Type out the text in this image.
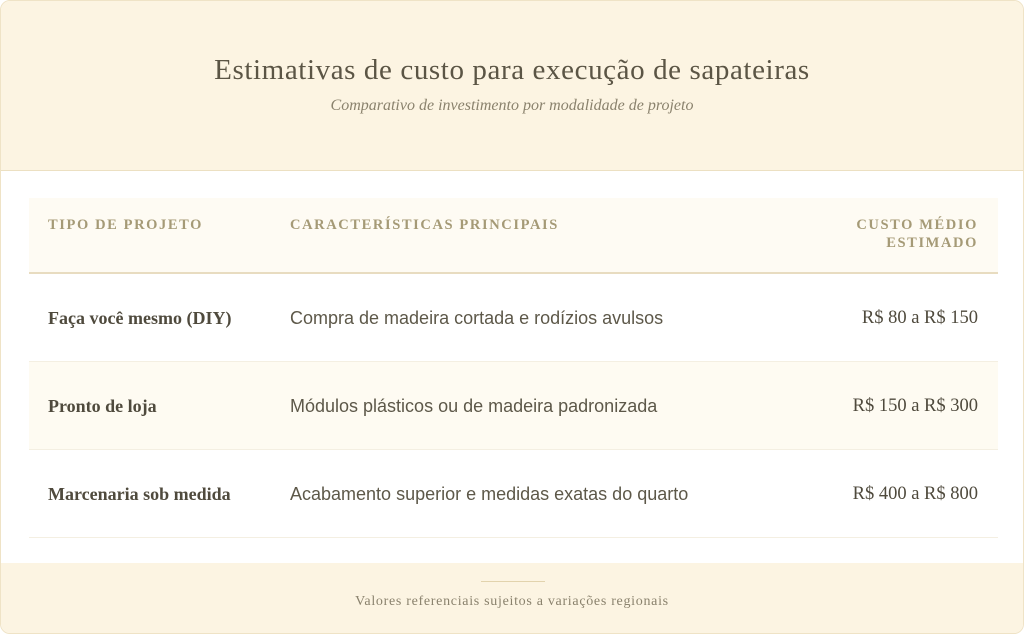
Estimativas de custo para execução de sapateiras
Comparativo de investimento por modalidade de projeto
TIPO DE PROJETO	CARACTERÍSTICAS PRINCIPAIS	CUSTO MÉDIO ESTIMADO
Faça você mesmo (DIY)	Compra de madeira cortada e rodízios avulsos	R$ 80 a R$ 150
Pronto de loja	Módulos plásticos ou de madeira padronizada	R$ 150 a R$ 300
Marcenaria sob medida	Acabamento superior e medidas exatas do quarto	R$ 400 a R$ 800
Valores referenciais sujeitos a variações regionais
